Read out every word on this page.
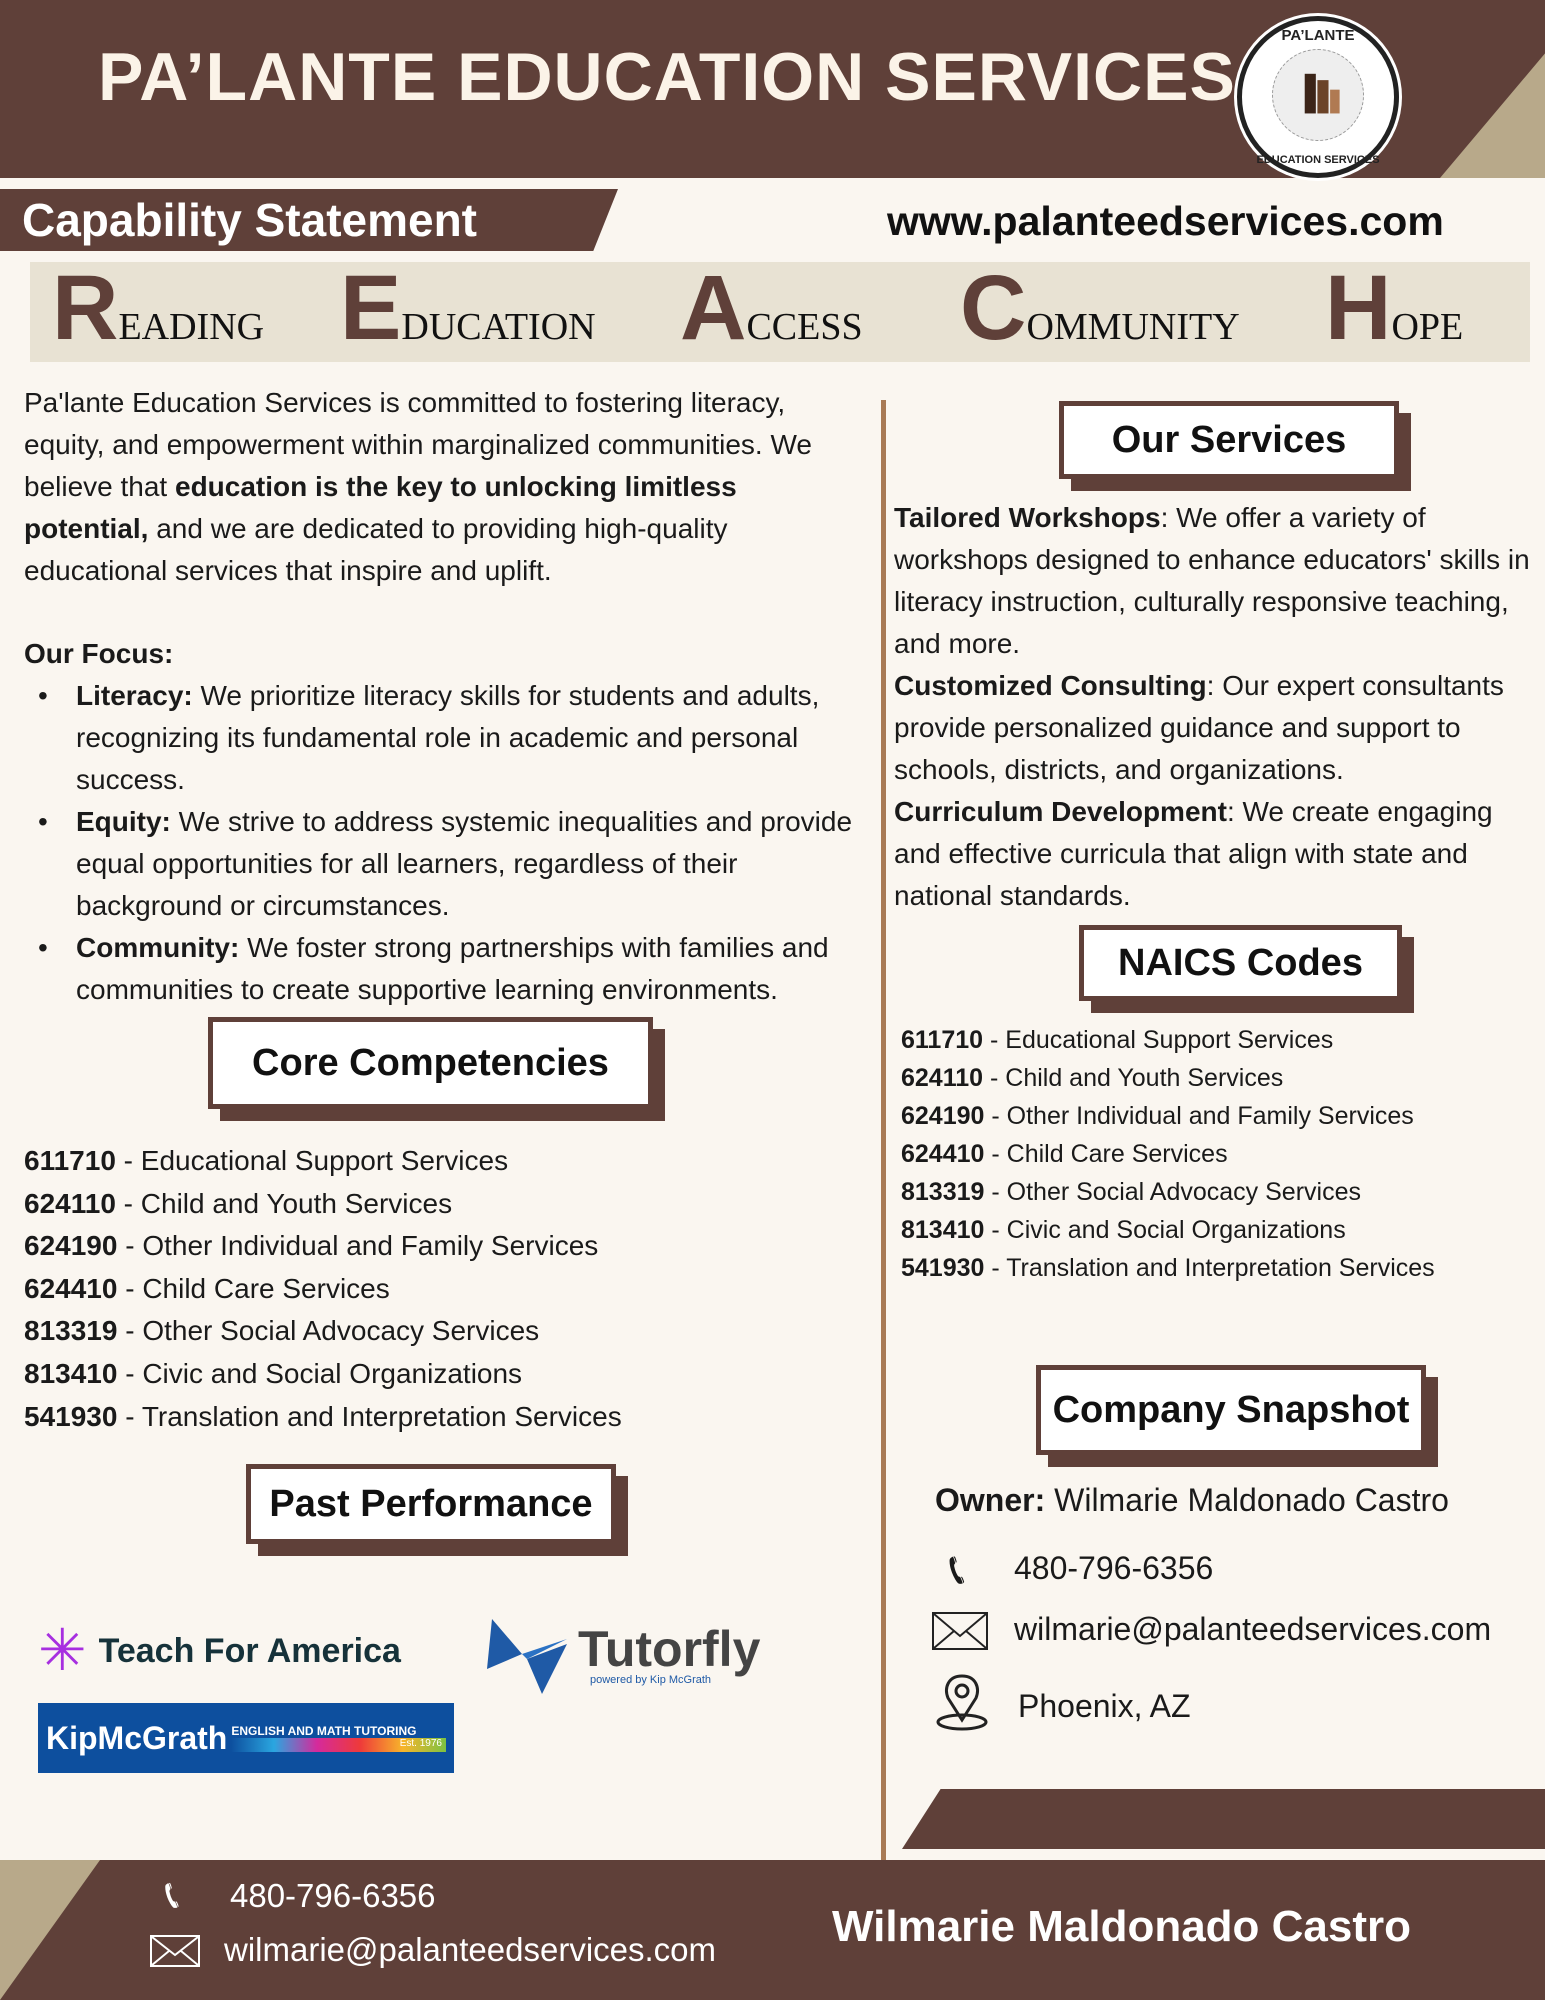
PA’LANTE EDUCATION SERVICES
PA’LANTE
EDUCATION SERVICES
Capability Statement	www.palanteedservices.com
READING EDUCATION ACCESS COMMUNITY HOPE
Pa'lante Education Services is committed to fostering literacy, equity, and empowerment within marginalized communities. We believe that education is the key to unlocking limitless potential, and we are dedicated to providing high-quality educational services that inspire and uplift.
Our Focus:
• Literacy: We prioritize literacy skills for students and adults, recognizing its fundamental role in academic and personal success.
• Equity: We strive to address systemic inequalities and provide equal opportunities for all learners, regardless of their background or circumstances.
• Community: We foster strong partnerships with families and communities to create supportive learning environments.
Core Competencies
611710 - Educational Support Services
624110 - Child and Youth Services
624190 - Other Individual and Family Services
624410 - Child Care Services
813319 - Other Social Advocacy Services
813410 - Civic and Social Organizations
541930 - Translation and Interpretation Services
Past Performance
✳ Teach For America	Tutorfly
powered by Kip McGrath
KipMcGrath ENGLISH AND MATH TUTORING
Est. 1976
Our Services
Tailored Workshops: We offer a variety of workshops designed to enhance educators' skills in literacy instruction, culturally responsive teaching, and more.
Customized Consulting: Our expert consultants provide personalized guidance and support to schools, districts, and organizations.
Curriculum Development: We create engaging and effective curricula that align with state and national standards.
NAICS Codes
611710 - Educational Support Services
624110 - Child and Youth Services
624190 - Other Individual and Family Services
624410 - Child Care Services
813319 - Other Social Advocacy Services
813410 - Civic and Social Organizations
541930 - Translation and Interpretation Services
Company Snapshot
Owner: Wilmarie Maldonado Castro
📞︎	480-796-6356
wilmarie@palanteedservices.com
Phoenix, AZ
📞︎	480-796-6356
wilmarie@palanteedservices.com	Wilmarie Maldonado Castro
